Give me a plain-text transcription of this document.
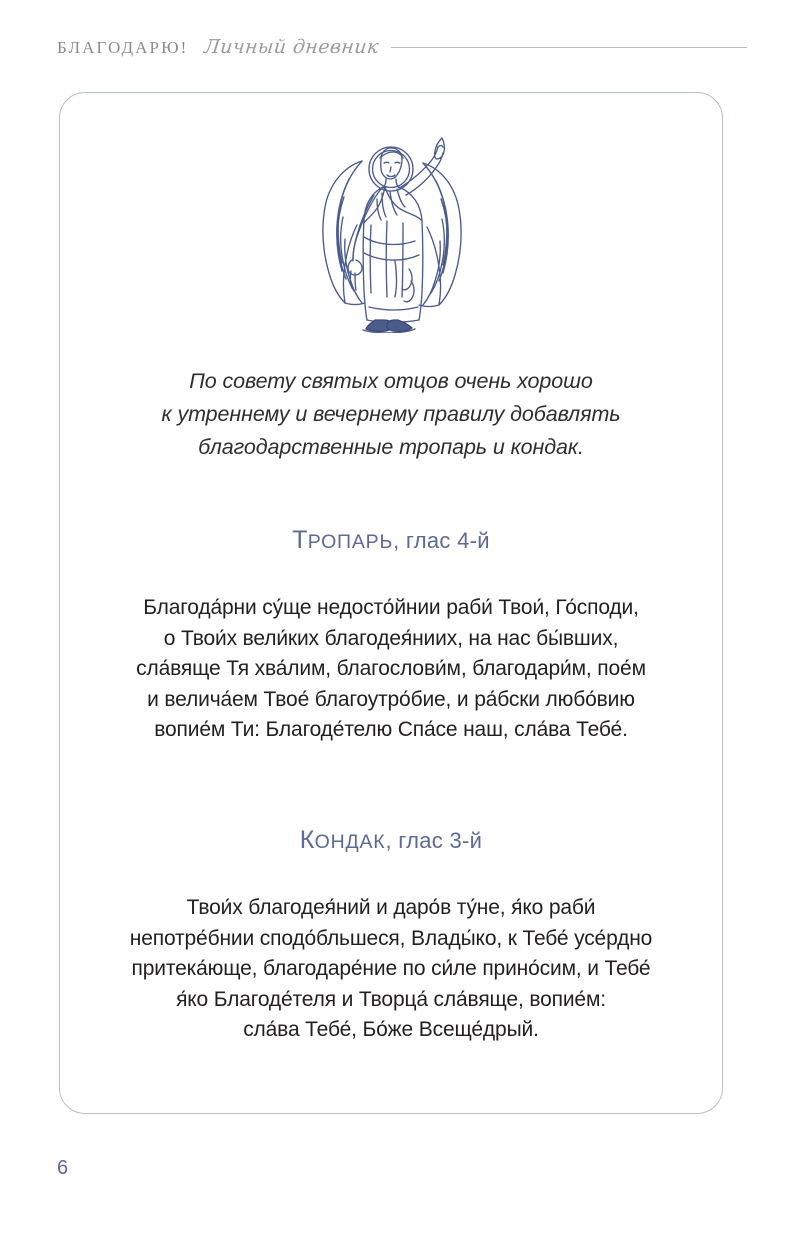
БЛАГОДАРЮ! Личный дневник
По совету святых отцов очень хорошо
к утреннему и вечернему правилу добавлять
благодарственные тропарь и кондак.
ТРОПАРЬ, глас 4-й
Благода́рни су́ще недосто́йнии раби́ Твои́, Го́споди,
о Твои́х вели́ких благодея́ниих, на нас бы́вших,
сла́вяще Тя хва́лим, благослови́м, благодари́м, пое́м
и велича́ем Твое́ благоутро́бие, и ра́бски любо́вию
вопие́м Ти: Благоде́телю Спа́се наш, сла́ва Тебе́.
КОНДАК, глас 3-й
Твои́х благодея́ний и даро́в ту́не, я́ко раби́
непотре́бнии сподо́бльшеся, Влады́ко, к Тебе́ усе́рдно
притека́юще, благодаре́ние по си́ле прино́сим, и Тебе́
я́ко Благоде́теля и Творца́ сла́вяще, вопие́м:
сла́ва Тебе́, Бо́же Всеще́дрый.
6
